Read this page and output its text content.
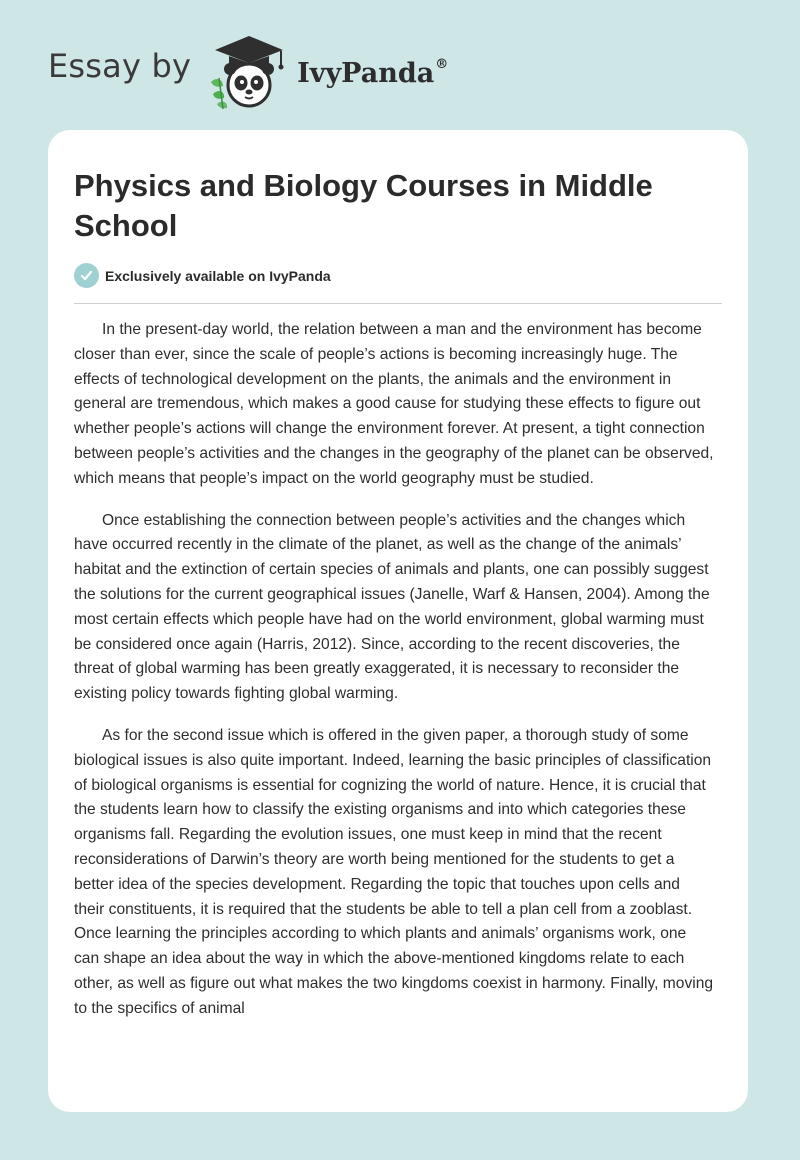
Essay by	IvyPanda®
Physics and Biology Courses in Middle School
Exclusively available on IvyPanda

In the present-day world, the relation between a man and the environment has become closer than ever, since the scale of people’s actions is becoming increasingly huge. The effects of technological development on the plants, the animals and the environment in general are tremendous, which makes a good cause for studying these effects to figure out whether people’s actions will change the environment forever. At present, a tight connection between people’s activities and the changes in the geography of the planet can be observed, which means that people’s impact on the world geography must be studied.

Once establishing the connection between people’s activities and the changes which have occurred recently in the climate of the planet, as well as the change of the animals’ habitat and the extinction of certain species of animals and plants, one can possibly suggest the solutions for the current geographical issues (Janelle, Warf & Hansen, 2004). Among the most certain effects which people have had on the world environment, global warming must be considered once again (Harris, 2012). Since, according to the recent discoveries, the threat of global warming has been greatly exaggerated, it is necessary to reconsider the existing policy towards fighting global warming.

As for the second issue which is offered in the given paper, a thorough study of some biological issues is also quite important. Indeed, learning the basic principles of classification of biological organisms is essential for cognizing the world of nature. Hence, it is crucial that the students learn how to classify the existing organisms and into which categories these organisms fall. Regarding the evolution issues, one must keep in mind that the recent reconsiderations of Darwin’s theory are worth being mentioned for the students to get a better idea of the species development. Regarding the topic that touches upon cells and their constituents, it is required that the students be able to tell a plan cell from a zooblast. Once learning the principles according to which plants and animals’ organisms work, one can shape an idea about the way in which the above-mentioned kingdoms relate to each other, as well as figure out what makes the two kingdoms coexist in harmony. Finally, moving to the specifics of animal
